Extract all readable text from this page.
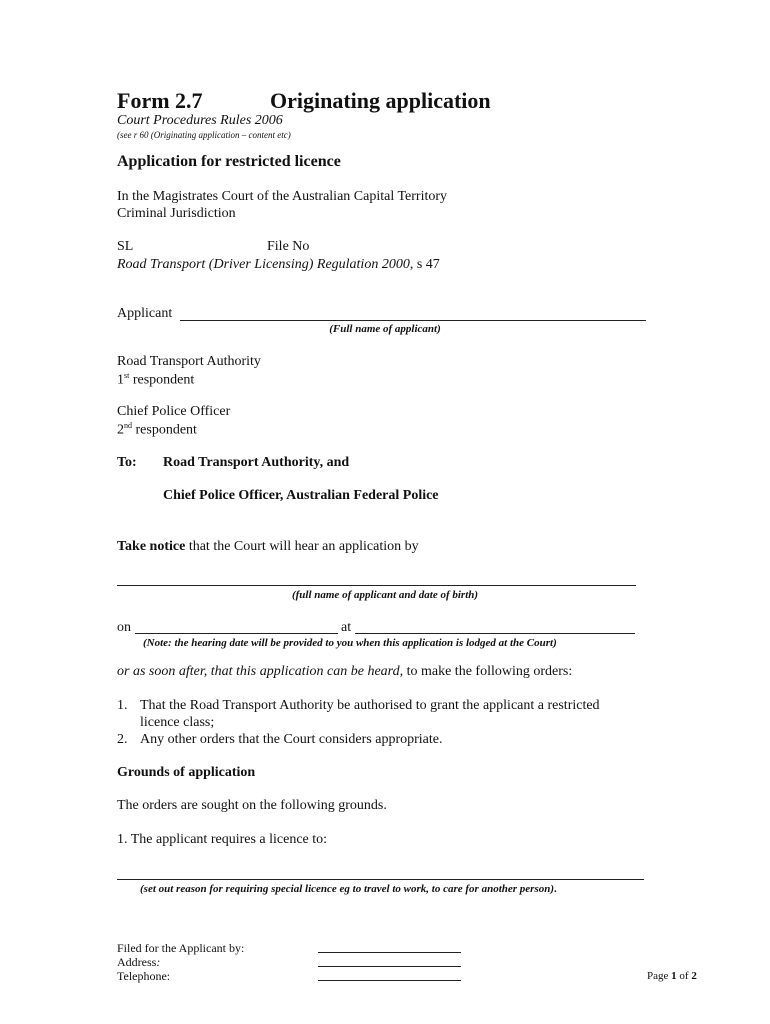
Form 2.7	Originating application
Court Procedures Rules 2006
(see r 60 (Originating application – content etc)
Application for restricted licence
In the Magistrates Court of the Australian Capital Territory
Criminal Jurisdiction
SL	File No
Road Transport (Driver Licensing) Regulation 2000, s 47
Applicant
(Full name of applicant)
Road Transport Authority
1st respondent
Chief Police Officer
2nd respondent
To: Road Transport Authority, and
Chief Police Officer, Australian Federal Police
Take notice that the Court will hear an application by
(full name of applicant and date of birth)
on	at
(Note: the hearing date will be provided to you when this application is lodged at the Court)
or as soon after, that this application can be heard, to make the following orders:
1. That the Road Transport Authority be authorised to grant the applicant a restricted
licence class;
2. Any other orders that the Court considers appropriate.
Grounds of application
The orders are sought on the following grounds.
1. The applicant requires a licence to:
(set out reason for requiring special licence eg to travel to work, to care for another person).
Filed for the Applicant by:
Address:
Telephone:	Page 1 of 2
